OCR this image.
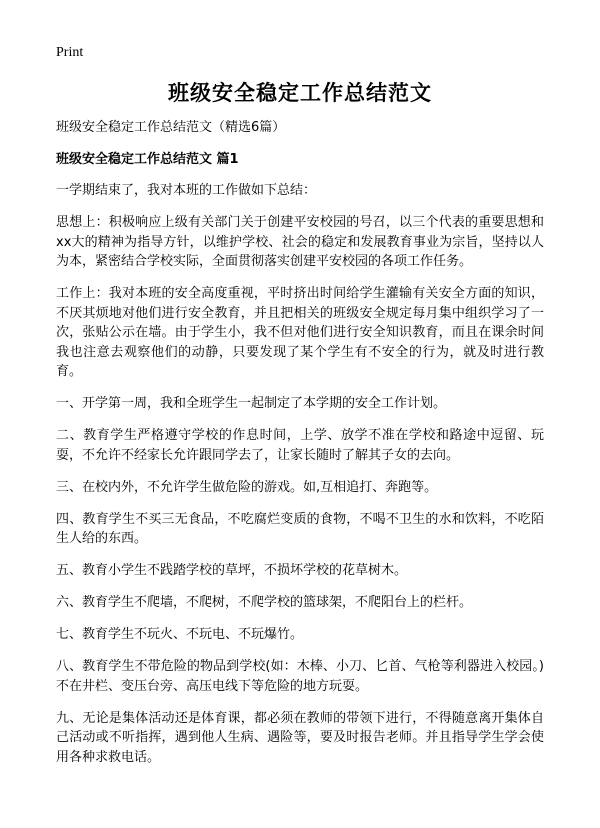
Print
班级安全稳定工作总结范文
班级安全稳定工作总结范文（精选6篇）
班级安全稳定工作总结范文 篇1

一学期结束了，我对本班的工作做如下总结：

思想上：积极响应上级有关部门关于创建平安校园的号召，以三个代表的重要思想和xx大的精神为指导方针，以维护学校、社会的稳定和发展教育事业为宗旨，坚持以人为本，紧密结合学校实际，全面贯彻落实创建平安校园的各项工作任务。

工作上：我对本班的安全高度重视，平时挤出时间给学生灌输有关安全方面的知识，不厌其烦地对他们进行安全教育，并且把相关的班级安全规定每月集中组织学习了一次，张贴公示在墙。由于学生小，我不但对他们进行安全知识教育，而且在课余时间我也注意去观察他们的动静，只要发现了某个学生有不安全的行为，就及时进行教育。

一、开学第一周，我和全班学生一起制定了本学期的安全工作计划。

二、教育学生严格遵守学校的作息时间，上学、放学不准在学校和路途中逗留、玩耍，不允许不经家长允许跟同学去了，让家长随时了解其子女的去向。

三、在校内外，不允许学生做危险的游戏。如,互相追打、奔跑等。

四、教育学生不买三无食品，不吃腐烂变质的食物，不喝不卫生的水和饮料，不吃陌生人给的东西。

五、教育小学生不践踏学校的草坪，不损坏学校的花草树木。

六、教育学生不爬墙，不爬树，不爬学校的篮球架，不爬阳台上的栏杆。

七、教育学生不玩火、不玩电、不玩爆竹。

八、教育学生不带危险的物品到学校(如：木棒、小刀、匕首、气枪等利器进入校园。)不在井栏、变压台旁、高压电线下等危险的地方玩耍。

九、无论是集体活动还是体育课，都必须在教师的带领下进行，不得随意离开集体自己活动或不听指挥，遇到他人生病、遇险等，要及时报告老师。并且指导学生学会使用各种求救电话。
